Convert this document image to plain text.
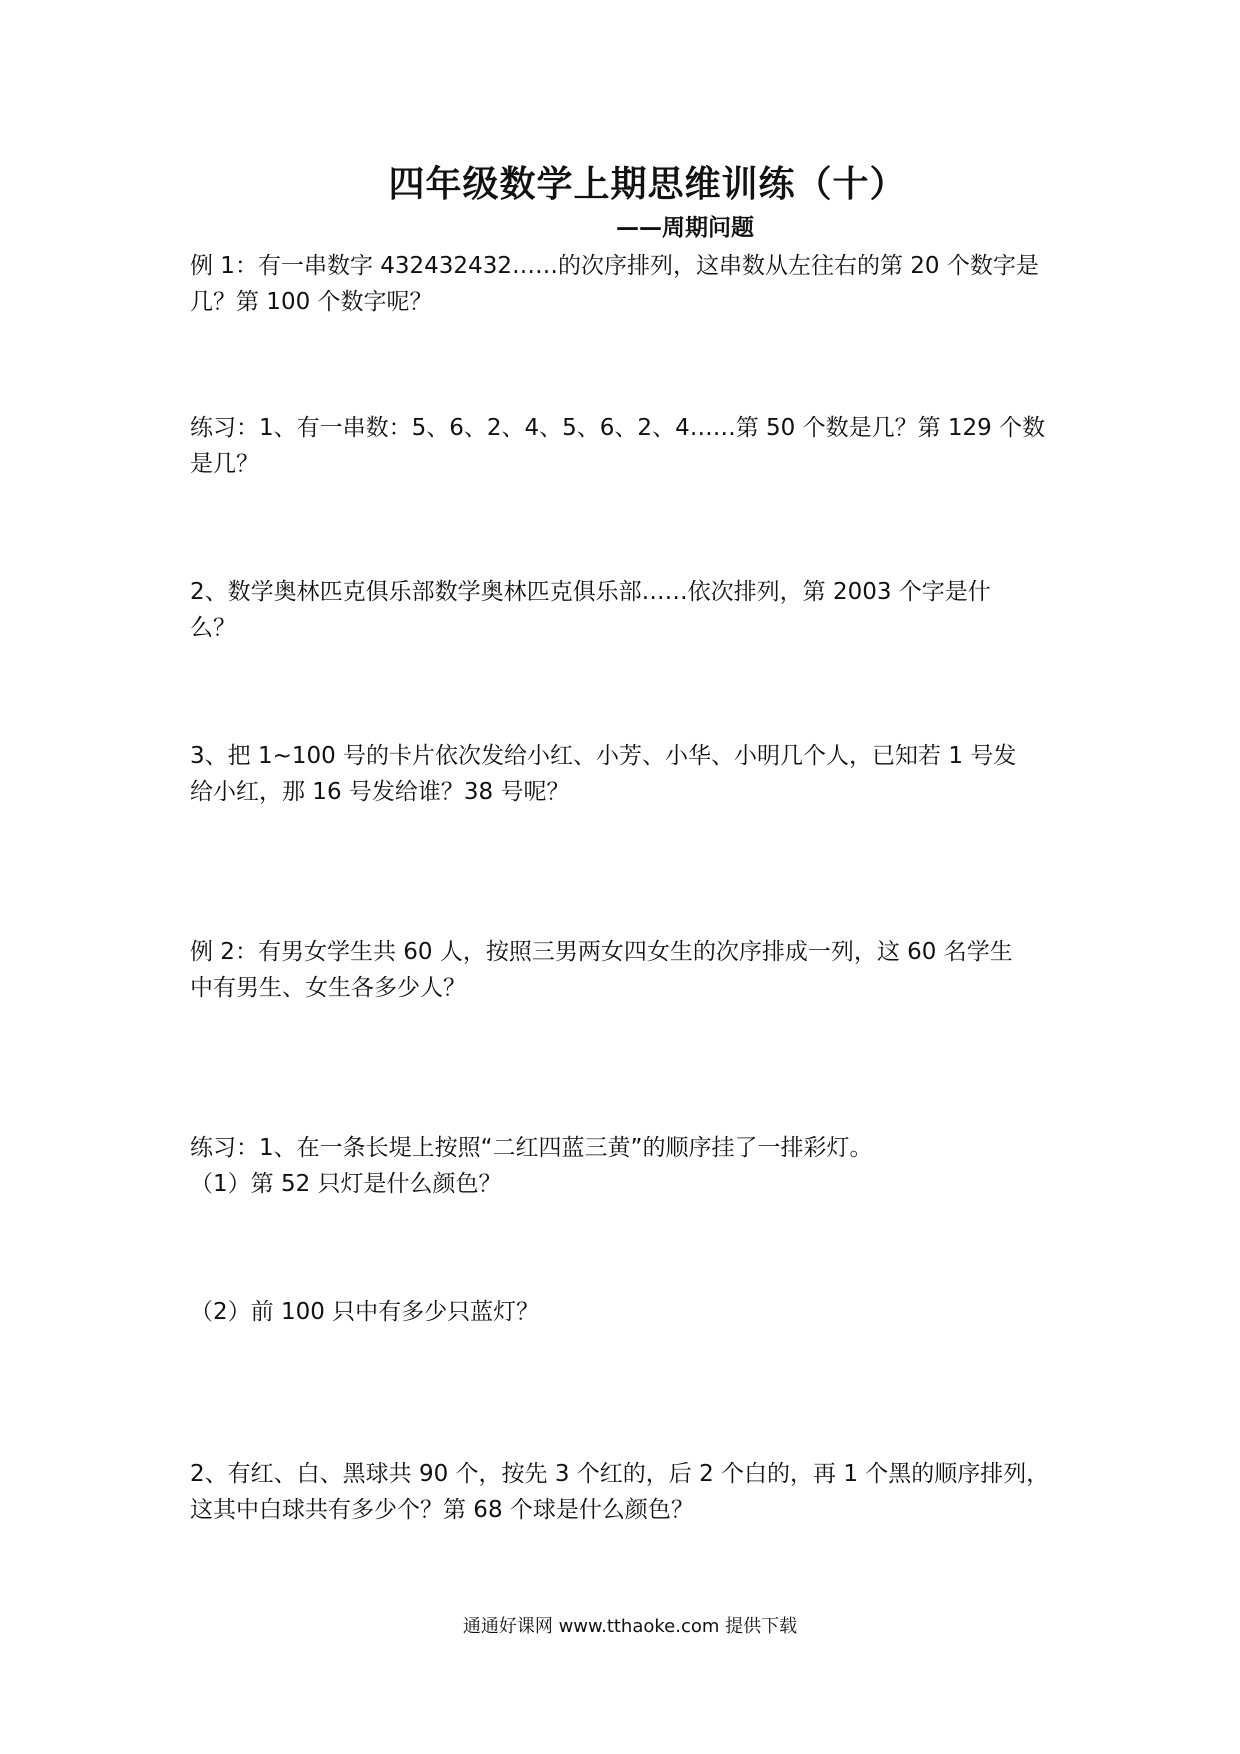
四年级数学上期思维训练（十）
——周期问题
例 1：有一串数字 432432432……的次序排列，这串数从左往右的第 20 个数字是
几？第 100 个数字呢？
练习：1、有一串数：5、6、2、4、5、6、2、4……第 50 个数是几？第 129 个数
是几？
2、数学奥林匹克俱乐部数学奥林匹克俱乐部……依次排列，第 2003 个字是什
么？
3、把 1~100 号的卡片依次发给小红、小芳、小华、小明几个人，已知若 1 号发
给小红，那 16 号发给谁？38 号呢？
例 2：有男女学生共 60 人，按照三男两女四女生的次序排成一列，这 60 名学生
中有男生、女生各多少人？
练习：1、在一条长堤上按照“二红四蓝三黄”的顺序挂了一排彩灯。
（1）第 52 只灯是什么颜色？
（2）前 100 只中有多少只蓝灯？
2、有红、白、黑球共 90 个，按先 3 个红的，后 2 个白的，再 1 个黑的顺序排列，
这其中白球共有多少个？第 68 个球是什么颜色？
通通好课网 www.tthaoke.com 提供下载
